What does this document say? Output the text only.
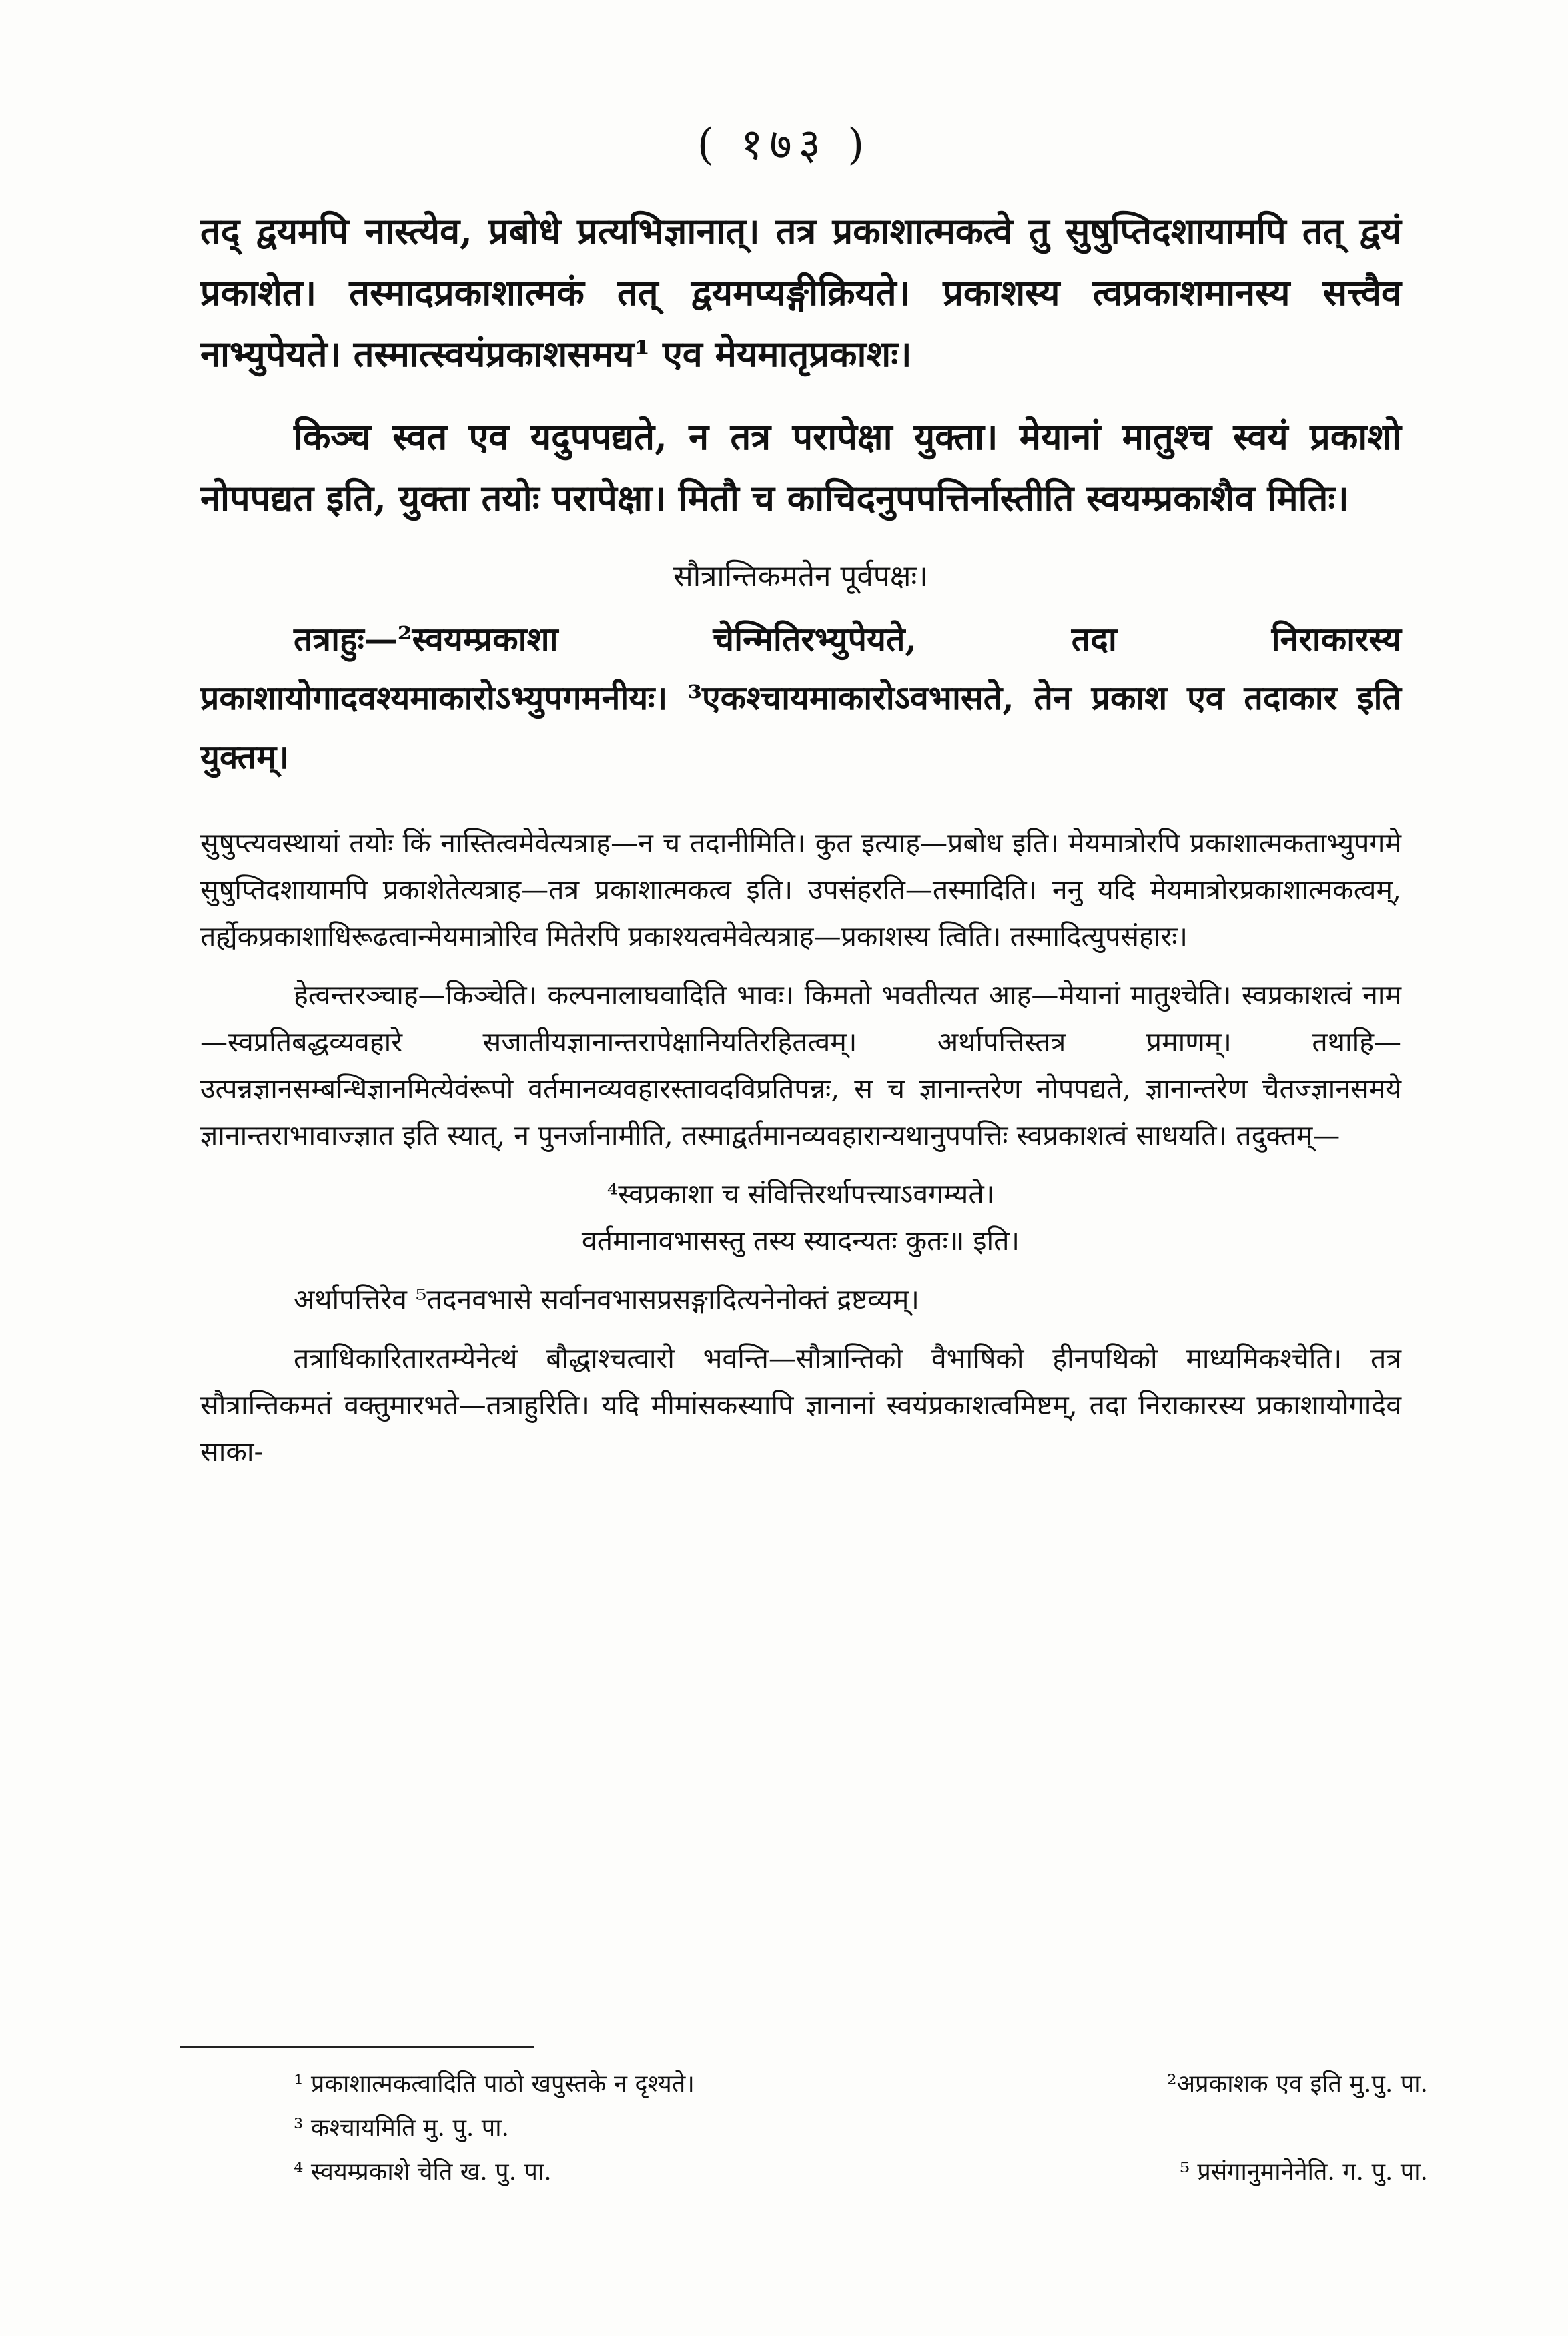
( १७३ )

तद् द्वयमपि नास्त्येव, प्रबोधे प्रत्यभिज्ञानात्। तत्र प्रकाशात्मकत्वे तु सुषुप्तिदशायामपि तत् द्वयं प्रकाशेत। तस्मादप्रकाशात्मकं तत् द्वयमप्यङ्गीक्रियते। प्रकाशस्य त्वप्रकाशमानस्य सत्त्वैव नाभ्युपेयते। तस्मात्स्वयंप्रकाशसमय¹ एव मेयमातृप्रकाशः।

किञ्च स्वत एव यदुपपद्यते, न तत्र परापेक्षा युक्ता। मेयानां मातुश्च स्वयं प्रकाशो नोपपद्यत इति, युक्ता तयोः परापेक्षा। मितौ च काचिदनुपपत्तिर्नास्तीति स्वयम्प्रकाशैव मितिः।

सौत्रान्तिकमतेन पूर्वपक्षः।

तत्राहुः—²स्वयम्प्रकाशा चेन्मितिरभ्युपेयते, तदा निराकारस्य प्रकाशायोगादवश्यमाकारोऽभ्युपगमनीयः। ³एकश्चायमाकारोऽवभासते, तेन प्रकाश एव तदाकार इति युक्तम्।

सुषुप्त्यवस्थायां तयोः किं नास्तित्वमेवेत्यत्राह—न च तदानीमिति। कुत इत्याह—प्रबोध इति। मेयमात्रोरपि प्रकाशात्मकताभ्युपगमे सुषुप्तिदशायामपि प्रकाशेतेत्यत्राह—तत्र प्रकाशात्मकत्व इति। उपसंहरति—तस्मादिति। ननु यदि मेयमात्रोरप्रकाशात्मकत्वम्, तर्ह्येकप्रकाशाधिरूढत्वान्मेयमात्रोरिव मितेरपि प्रकाश्यत्वमेवेत्यत्राह—प्रकाशस्य त्विति। तस्मादित्युपसंहारः।

हेत्वन्तरञ्चाह—किञ्चेति। कल्पनालाघवादिति भावः। किमतो भवतीत्यत आह—मेयानां मातुश्चेति। स्वप्रकाशत्वं नाम—स्वप्रतिबद्धव्यवहारे सजातीयज्ञानान्तरापेक्षानियतिरहितत्वम्। अर्थापत्तिस्तत्र प्रमाणम्। तथाहि—उत्पन्नज्ञानसम्बन्धिज्ञानमित्येवंरूपो वर्तमानव्यवहारस्तावदविप्रतिपन्नः, स च ज्ञानान्तरेण नोपपद्यते, ज्ञानान्तरेण चैतज्ज्ञानसमये ज्ञानान्तराभावाज्ज्ञात इति स्यात्, न पुनर्जानामीति, तस्माद्वर्तमानव्यवहारान्यथानुपपत्तिः स्वप्रकाशत्वं साधयति। तदुक्तम्—

⁴स्वप्रकाशा च संवित्तिरर्थापत्त्याऽवगम्यते।
वर्तमानावभासस्तु तस्य स्यादन्यतः कुतः॥ इति।

अर्थापत्तिरेव ⁵तदनवभासे सर्वानवभासप्रसङ्गादित्यनेनोक्तं द्रष्टव्यम्।

तत्राधिकारितारतम्येनेत्थं बौद्धाश्चत्वारो भवन्ति—सौत्रान्तिको वैभाषिको हीनपथिको माध्यमिकश्चेति। तत्र सौत्रान्तिकमतं वक्तुमारभते—तत्राहुरिति। यदि मीमांसकस्यापि ज्ञानानां स्वयंप्रकाशत्वमिष्टम्, तदा निराकारस्य प्रकाशायोगादेव साका-

¹ प्रकाशात्मकत्वादिति पाठो खपुस्तके न दृश्यते।	²अप्रकाशक एव इति मु.पु. पा.
³ कश्चायमिति मु. पु. पा.
⁴ स्वयम्प्रकाशे चेति ख. पु. पा.	⁵ प्रसंगानुमानेनेति. ग. पु. पा.
